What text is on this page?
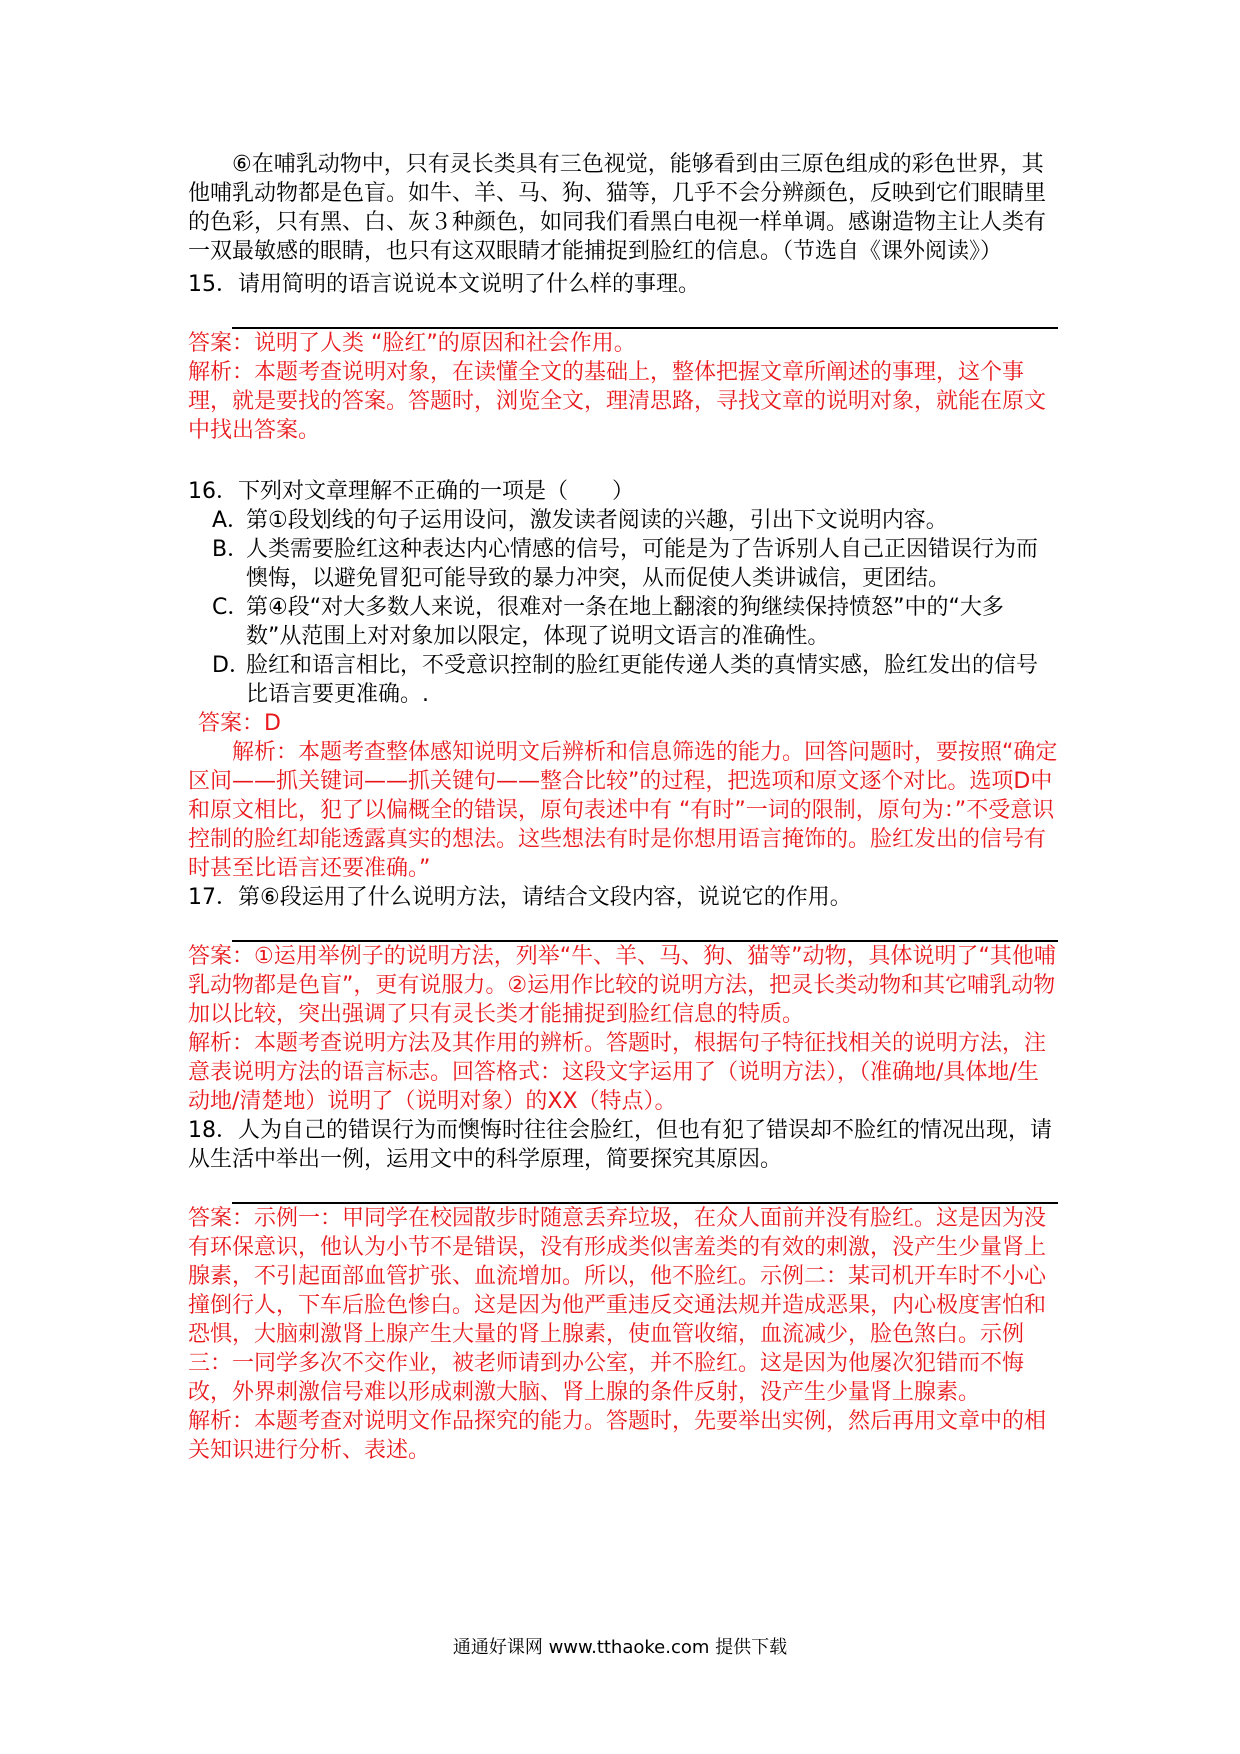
⑥在哺乳动物中，只有灵长类具有三色视觉，能够看到由三原色组成的彩色世界，其他哺乳动物都是色盲。如牛、羊、马、狗、猫等，几乎不会分辨颜色，反映到它们眼睛里的色彩，只有黑、白、灰３种颜色，如同我们看黑白电视一样单调。感谢造物主让人类有一双最敏感的眼睛，也只有这双眼睛才能捕捉到脸红的信息。（节选自《课外阅读》）

15．请用简明的语言说说本文说明了什么样的事理。

答案：说明了人类 “脸红”的原因和社会作用。

解析：本题考查说明对象，在读懂全文的基础上，整体把握文章所阐述的事理，这个事理，就是要找的答案。答题时，浏览全文，理清思路，寻找文章的说明对象，就能在原文中找出答案。

16．下列对文章理解不正确的一项是（　　）

A．
第①段划线的句子运用设问，激发读者阅读的兴趣，引出下文说明内容。
B．
人类需要脸红这种表达内心情感的信号，可能是为了告诉别人自己正因错误行为而懊悔，以避免冒犯可能导致的暴力冲突，从而促使人类讲诚信，更团结。
C．
第④段“对大多数人来说，很难对一条在地上翻滚的狗继续保持愤怒”中的“大多数”从范围上对对象加以限定，体现了说明文语言的准确性。
D．
脸红和语言相比，不受意识控制的脸红更能传递人类的真情实感，脸红发出的信号比语言要更准确。.

答案：D

解析：本题考查整体感知说明文后辨析和信息筛选的能力。回答问题时，要按照“确定区间——抓关键词——抓关键句——整合比较”的过程，把选项和原文逐个对比。选项D中和原文相比，犯了以偏概全的错误，原句表述中有 “有时”一词的限制，原句为：”不受意识控制的脸红却能透露真实的想法。这些想法有时是你想用语言掩饰的。脸红发出的信号有时甚至比语言还要准确。”

17．第⑥段运用了什么说明方法，请结合文段内容，说说它的作用。

答案：①运用举例子的说明方法，列举“牛、羊、马、狗、猫等”动物，具体说明了“其他哺乳动物都是色盲”，更有说服力。②运用作比较的说明方法，把灵长类动物和其它哺乳动物加以比较，突出强调了只有灵长类才能捕捉到脸红信息的特质。

解析：本题考查说明方法及其作用的辨析。答题时，根据句子特征找相关的说明方法，注意表说明方法的语言标志。回答格式：这段文字运用了（说明方法），（准确地/具体地/生动地/清楚地）说明了（说明对象）的XX（特点）。

18．人为自己的错误行为而懊悔时往往会脸红，但也有犯了错误却不脸红的情况出现，请从生活中举出一例，运用文中的科学原理，简要探究其原因。

答案：示例一：甲同学在校园散步时随意丢弃垃圾，在众人面前并没有脸红。这是因为没有环保意识，他认为小节不是错误，没有形成类似害羞类的有效的刺激，没产生少量肾上腺素，不引起面部血管扩张、血流增加。所以，他不脸红。示例二：某司机开车时不小心撞倒行人，下车后脸色惨白。这是因为他严重违反交通法规并造成恶果，内心极度害怕和恐惧，大脑刺激肾上腺产生大量的肾上腺素，使血管收缩，血流减少，脸色煞白。示例三：一同学多次不交作业，被老师请到办公室，并不脸红。这是因为他屡次犯错而不悔改，外界刺激信号难以形成刺激大脑、肾上腺的条件反射，没产生少量肾上腺素。

解析：本题考查对说明文作品探究的能力。答题时，先要举出实例，然后再用文章中的相关知识进行分析、表述。

通通好课网 www.tthaoke.com 提供下载
